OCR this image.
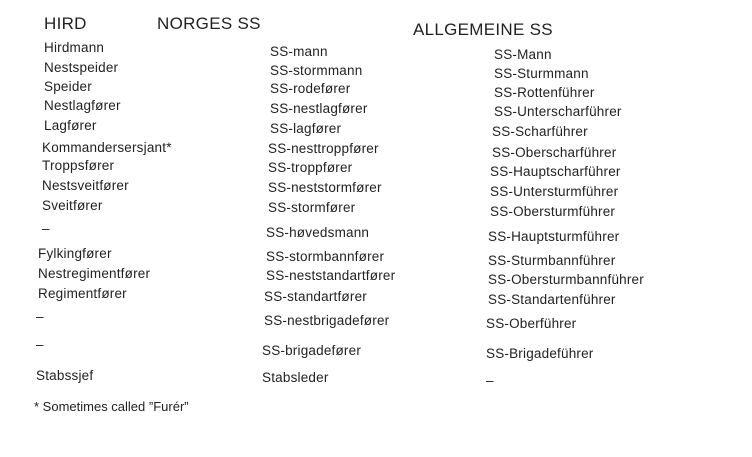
HIRD	NORGES SS	ALLGEMEINE SS
Hirdmann
Nestspeider
Speider
Nestlagfører
Lagfører
Kommandersersjant*
Troppsfører
Nestsveitfører
Sveitfører
–
Fylkingfører
Nestregimentfører
Regimentfører
–
–
Stabssjef
SS-mann
SS-stormmann
SS-rodefører
SS-nestlagfører
SS-lagfører
SS-nesttroppfører
SS-troppfører
SS-neststormfører
SS-stormfører
SS-høvedsmann
SS-stormbannfører
SS-neststandartfører
SS-standartfører
SS-nestbrigadefører
SS-brigadefører
Stabsleder
SS-Mann
SS-Sturmmann
SS-Rottenführer
SS-Unterscharführer
SS-Scharführer
SS-Oberscharführer
SS-Hauptscharführer
SS-Untersturmführer
SS-Obersturmführer
SS-Hauptsturmführer
SS-Sturmbannführer
SS-Obersturmbannführer
SS-Standartenführer
SS-Oberführer
SS-Brigadeführer
–
* Sometimes called ”Furér”
